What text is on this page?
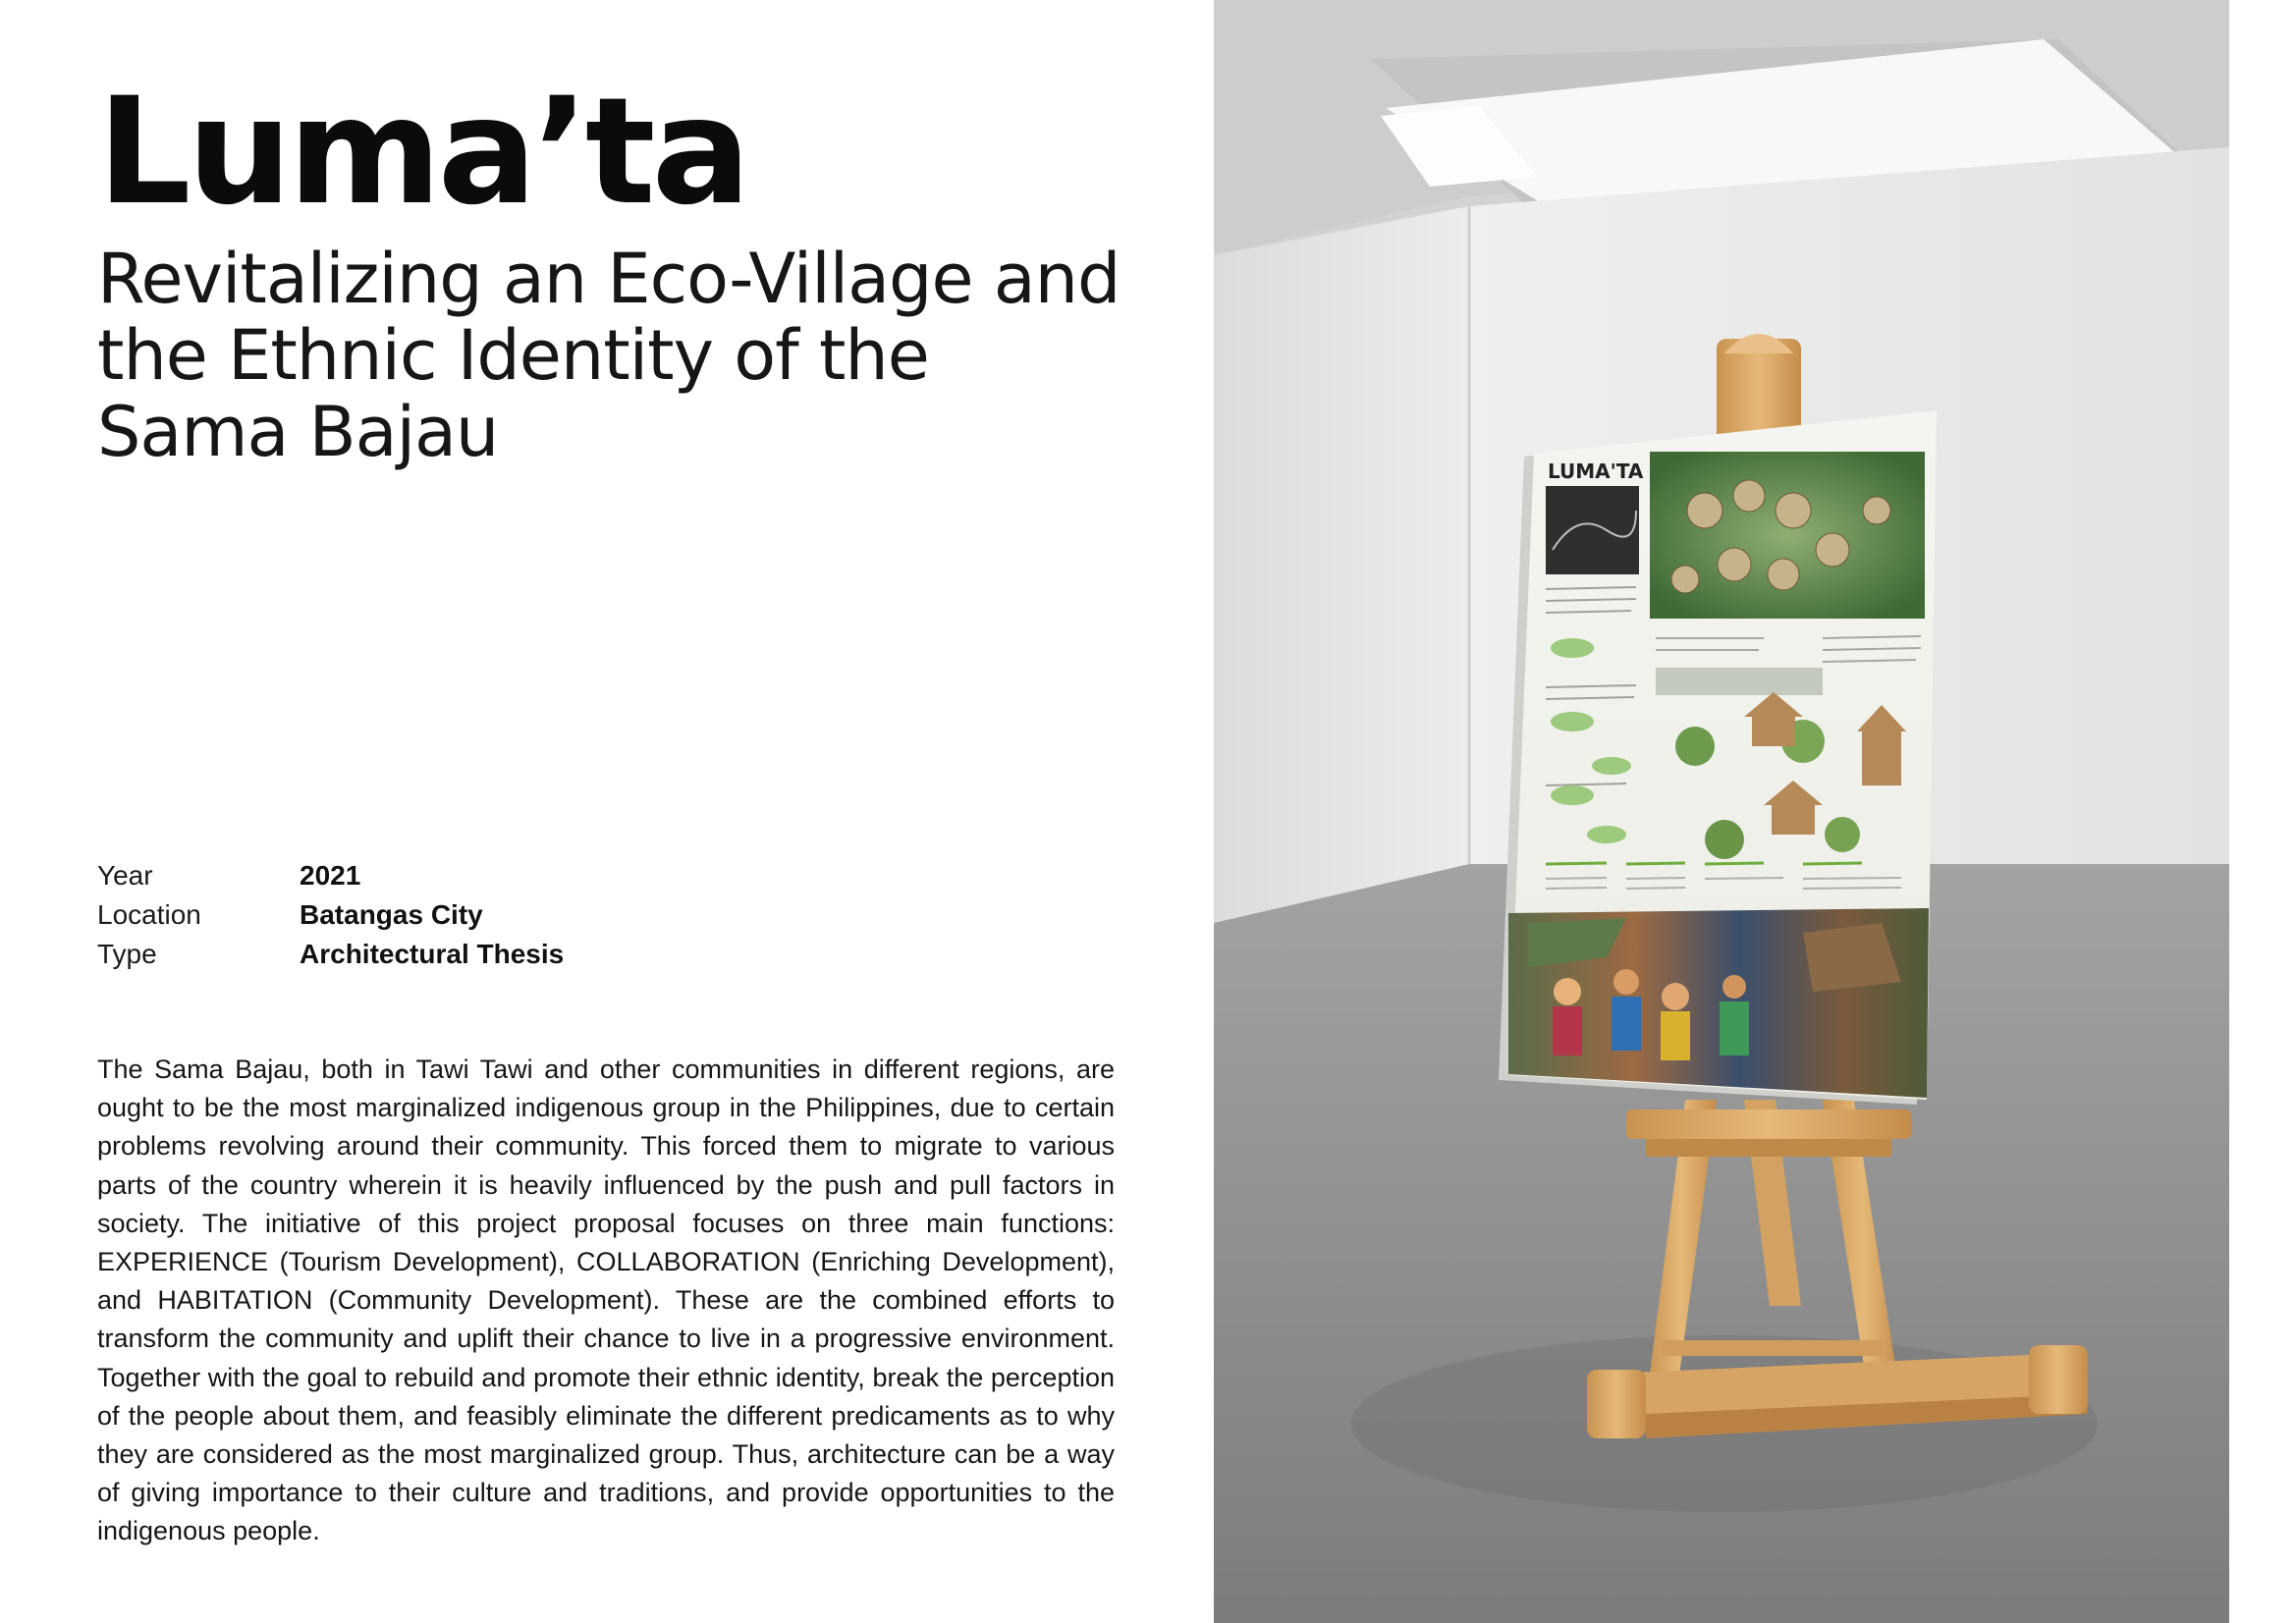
Luma’ta
Revitalizing an Eco-Village and
the Ethnic Identity of the
Sama Bajau
Year	2021
Location	Batangas City
Type	Architectural Thesis

The Sama Bajau, both in Tawi Tawi and other communities in different regions, are ought to be the most marginalized indigenous group in the Philippines, due to certain problems revolving around their community. This forced them to migrate to various parts of the country wherein it is heavily influenced by the push and pull factors in society. The initiative of this project proposal focuses on three main functions: EXPERIENCE (Tourism Development), COLLABORATION (Enriching Development), and HABITATION (Community Development). These are the combined efforts to transform the community and uplift their chance to live in a progressive environment. Together with the goal to rebuild and promote their ethnic identity, break the perception of the people about them, and feasibly eliminate the different predicaments as to why they are considered as the most marginalized group. Thus, architecture can be a way of giving importance to their culture and traditions, and provide opportunities to the indigenous people.

LUMA'TA
